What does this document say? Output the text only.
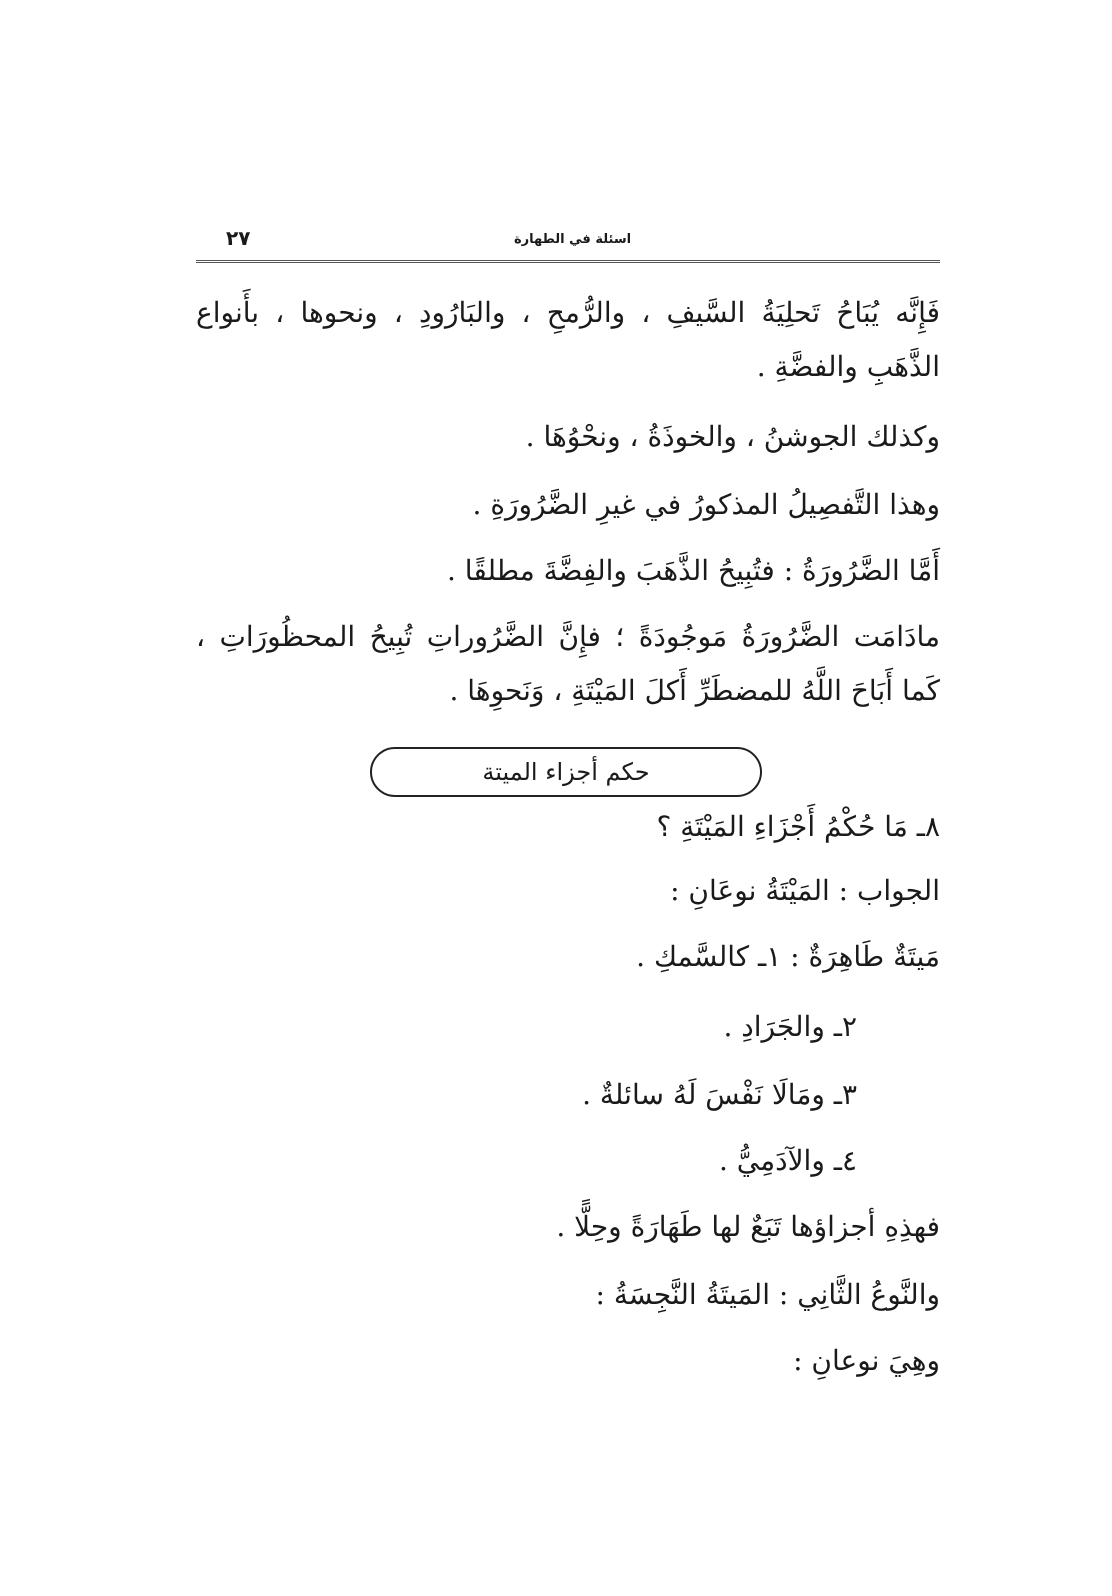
٢٧	اسئلة في الطهارة

فَإِنَّه يُبَاحُ تَحلِيَةُ السَّيفِ ، والرُّمحِ ، والبَارُودِ ، ونحوها ، بأَنواع الذَّهَبِ والفضَّةِ .

وكذلك الجوشنُ ، والخوذَةُ ، ونحْوُهَا .

وهذا التَّفصِيلُ المذكورُ في غيرِ الضَّرُورَةِ .

أَمَّا الضَّرُورَةُ : فتُبِيحُ الذَّهَبَ والفِضَّةَ مطلقًا .

مادَامَت الضَّرُورَةُ مَوجُودَةً ؛ فإِنَّ الضَّرُوراتِ تُبِيحُ المحظُورَاتِ ، كَما أَبَاحَ اللَّهُ للمضطَرِّ أَكلَ المَيْتَةِ ، وَنَحوِهَا .

حكم أجزاء الميتة

٨ـ مَا حُكْمُ أَجْزَاءِ المَيْتَةِ ؟

الجواب : المَيْتَةُ نوعَانِ :

مَيتَةٌ طَاهِرَةٌ : ١ـ كالسَّمكِ .

٢ـ والجَرَادِ .

٣ـ ومَالَا نَفْسَ لَهُ سائلةٌ .

٤ـ والآدَمِيُّ .

فهذِهِ أجزاؤها تَبَعٌ لها طَهَارَةً وحِلًّا .

والنَّوعُ الثَّانِي : المَيتَةُ النَّجِسَةُ :

وهِيَ نوعانِ :
